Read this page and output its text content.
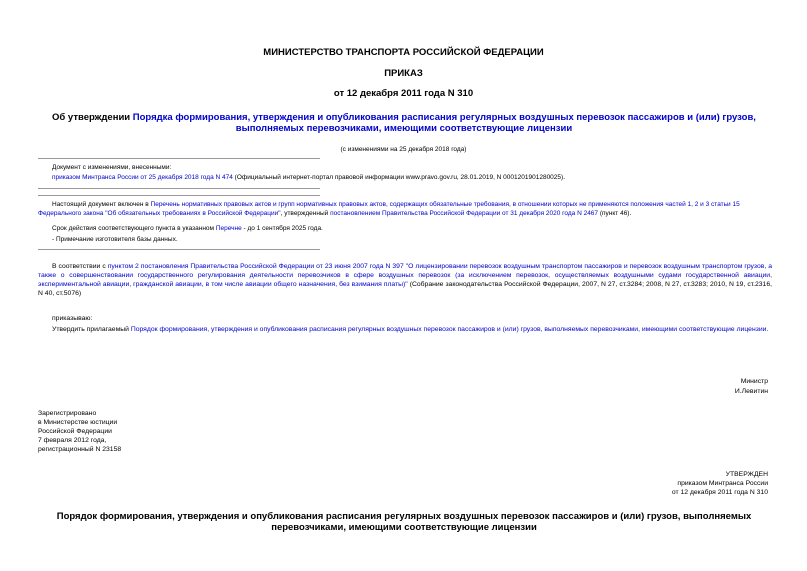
МИНИСТЕРСТВО ТРАНСПОРТА РОССИЙСКОЙ ФЕДЕРАЦИИ
ПРИКАЗ
от 12 декабря 2011 года N 310
Об утверждении Порядка формирования, утверждения и опубликования расписания регулярных воздушных перевозок пассажиров и (или) грузов, выполняемых перевозчиками, имеющими соответствующие лицензии
(с изменениями на 25 декабря 2018 года)
Документ с изменениями, внесенными:
приказом Минтранса России от 25 декабря 2018 года N 474 (Официальный интернет-портал правовой информации www.pravo.gov.ru, 28.01.2019, N 0001201901280025).
Настоящий документ включен в Перечень нормативных правовых актов и групп нормативных правовых актов, содержащих обязательные требования, в отношении которых не применяются положения частей 1, 2 и 3 статьи 15 Федерального закона "Об обязательных требованиях в Российской Федерации", утвержденный постановлением Правительства Российской Федерации от 31 декабря 2020 года N 2467 (пункт 46).
Срок действия соответствующего пункта в указанном Перечне - до 1 сентября 2025 года.
- Примечание изготовителя базы данных.
В соответствии с пунктом 2 постановления Правительства Российской Федерации от 23 июня 2007 года N 397 "О лицензировании перевозок воздушным транспортом пассажиров и перевозок воздушным транспортом грузов, а также о совершенствовании государственного регулирования деятельности перевозчиков в сфере воздушных перевозок (за исключением перевозок, осуществляемых воздушными судами государственной авиации, экспериментальной авиации, гражданской авиации, в том числе авиации общего назначения, без взимания платы)" (Собрание законодательства Российской Федерации, 2007, N 27, ст.3284; 2008, N 27, ст.3283; 2010, N 19, ст.2316, N 40, ст.5076)
приказываю:
Утвердить прилагаемый Порядок формирования, утверждения и опубликования расписания регулярных воздушных перевозок пассажиров и (или) грузов, выполняемых перевозчиками, имеющими соответствующие лицензии.
Министр
И.Левитин
Зарегистрировано
в Министерстве юстиции
Российской Федерации
7 февраля 2012 года,
регистрационный N 23158
УТВЕРЖДЕН
приказом Минтранса России
от 12 декабря 2011 года N 310
Порядок формирования, утверждения и опубликования расписания регулярных воздушных перевозок пассажиров и (или) грузов, выполняемых перевозчиками, имеющими соответствующие лицензии
